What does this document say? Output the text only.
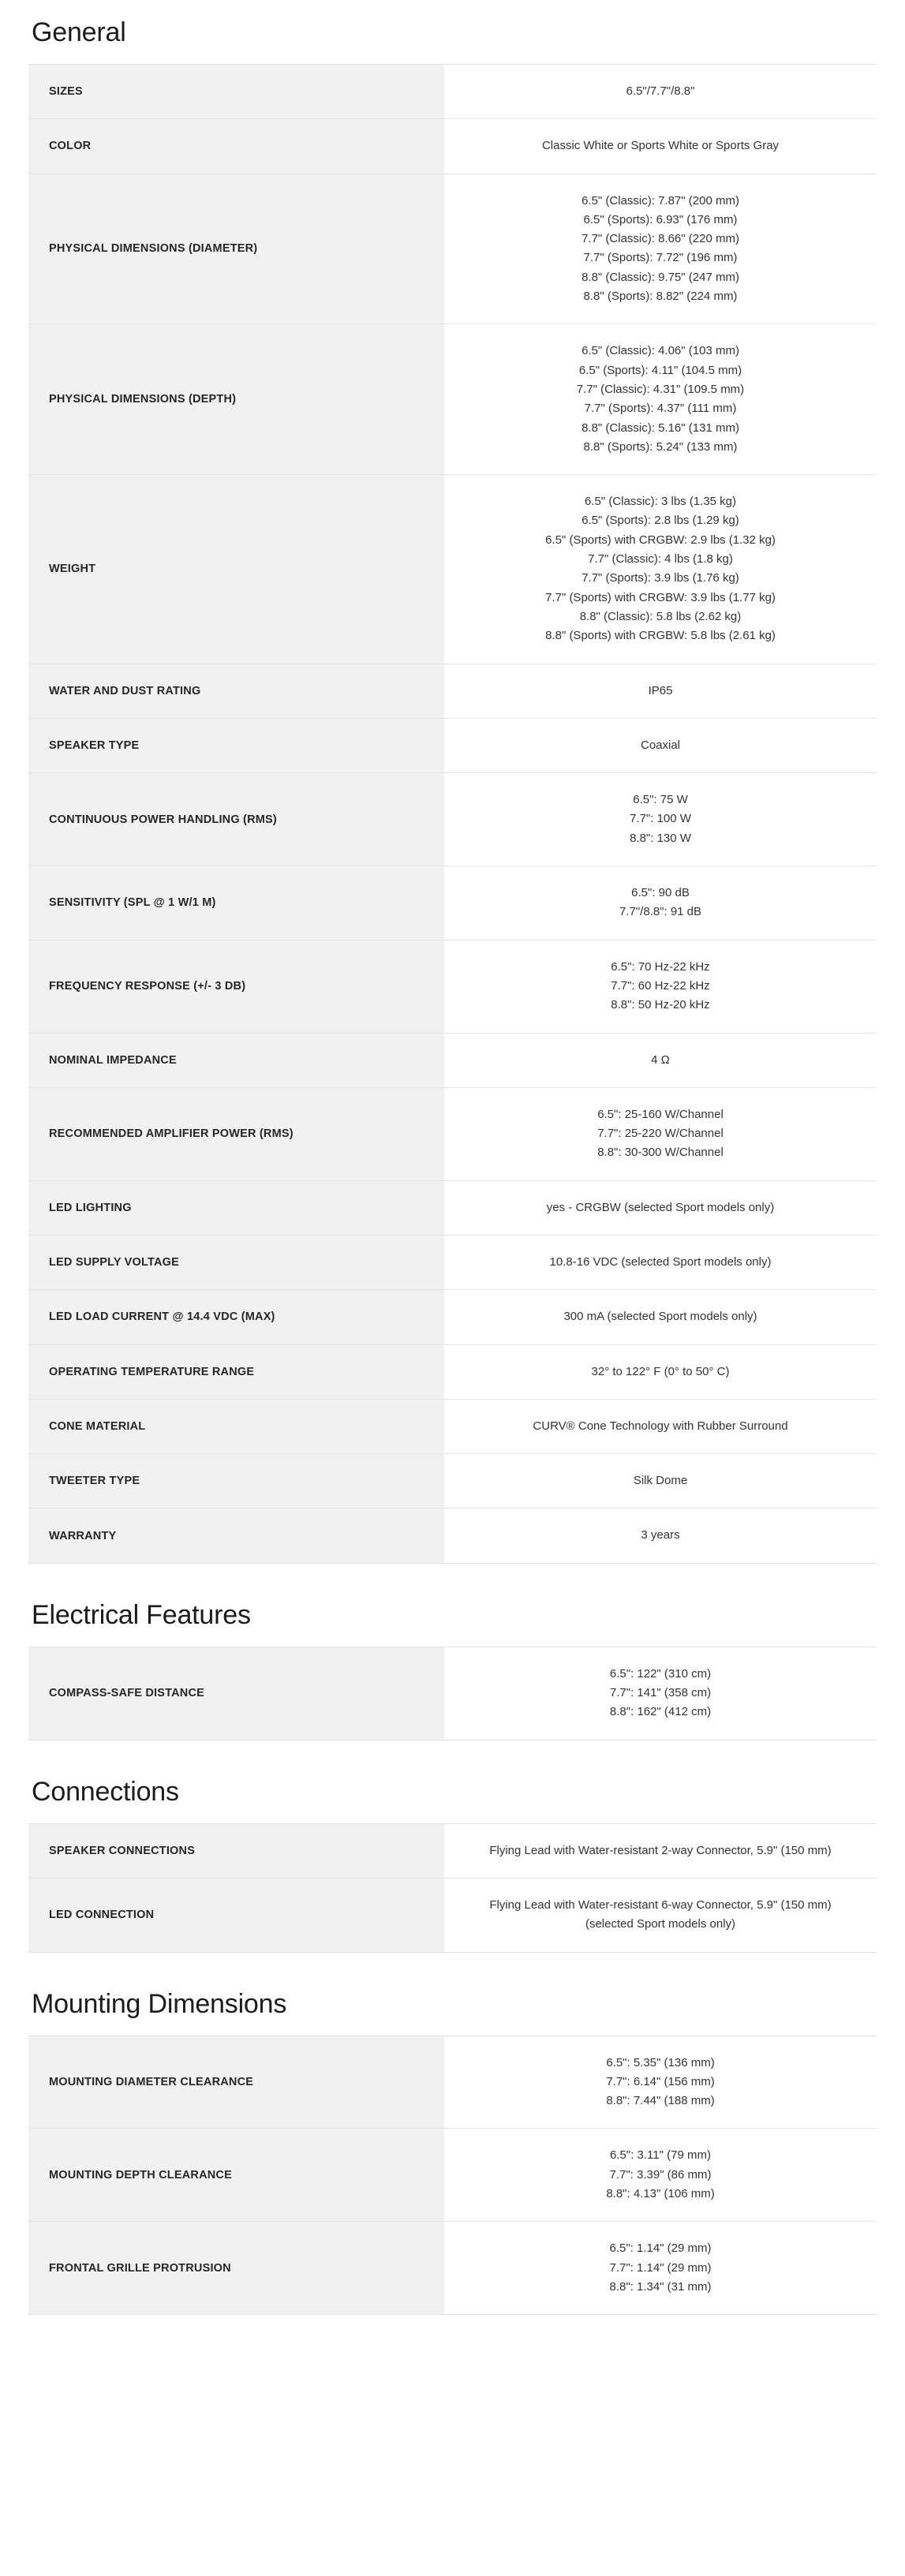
General
SIZES	6.5"/7.7"/8.8"

COLOR	Classic White or Sports White or Sports Gray

PHYSICAL DIMENSIONS (DIAMETER)	
6.5" (Classic): 7.87" (200 mm)
6.5" (Sports): 6.93" (176 mm)
7.7" (Classic): 8.66" (220 mm)
7.7" (Sports): 7.72" (196 mm)
8.8" (Classic): 9.75" (247 mm)
8.8" (Sports): 8.82" (224 mm)

PHYSICAL DIMENSIONS (DEPTH)	
6.5" (Classic): 4.06" (103 mm)
6.5" (Sports): 4.11" (104.5 mm)
7.7" (Classic): 4.31" (109.5 mm)
7.7" (Sports): 4.37" (111 mm)
8.8" (Classic): 5.16" (131 mm)
8.8" (Sports): 5.24" (133 mm)

WEIGHT	
6.5" (Classic): 3 lbs (1.35 kg)
6.5" (Sports): 2.8 lbs (1.29 kg)
6.5" (Sports) with CRGBW: 2.9 lbs (1.32 kg)
7.7" (Classic): 4 lbs (1.8 kg)
7.7" (Sports): 3.9 lbs (1.76 kg)
7.7" (Sports) with CRGBW: 3.9 lbs (1.77 kg)
8.8" (Classic): 5.8 lbs (2.62 kg)
8.8" (Sports) with CRGBW: 5.8 lbs (2.61 kg)

WATER AND DUST RATING	IP65

SPEAKER TYPE	Coaxial

CONTINUOUS POWER HANDLING (RMS)	6.5": 75 W
7.7": 100 W
8.8": 130 W

SENSITIVITY (SPL @ 1 W/1 M)	6.5": 90 dB
7.7"/8.8": 91 dB

FREQUENCY RESPONSE (+/- 3 DB)	6.5": 70 Hz-22 kHz
7.7": 60 Hz-22 kHz
8.8": 50 Hz-20 kHz

NOMINAL IMPEDANCE	4 Ω

RECOMMENDED AMPLIFIER POWER (RMS)	6.5": 25-160 W/Channel
7.7": 25-220 W/Channel
8.8": 30-300 W/Channel

LED LIGHTING	yes - CRGBW (selected Sport models only)

LED SUPPLY VOLTAGE	10.8-16 VDC (selected Sport models only)

LED LOAD CURRENT @ 14.4 VDC (MAX)	300 mA (selected Sport models only)

OPERATING TEMPERATURE RANGE	32° to 122° F (0° to 50° C)

CONE MATERIAL	CURV® Cone Technology with Rubber Surround

TWEETER TYPE	Silk Dome

WARRANTY	3 years
Electrical Features
COMPASS-SAFE DISTANCE	
6.5": 122" (310 cm)
7.7": 141" (358 cm)
8.8": 162" (412 cm)
Connections
SPEAKER CONNECTIONS	Flying Lead with Water-resistant 2-way Connector, 5.9" (150 mm)

LED CONNECTION	Flying Lead with Water-resistant 6-way Connector, 5.9" (150 mm) (selected Sport models only)
Mounting Dimensions
MOUNTING DIAMETER CLEARANCE	6.5": 5.35" (136 mm)
7.7": 6.14" (156 mm)
8.8": 7.44" (188 mm)

MOUNTING DEPTH CLEARANCE	6.5": 3.11" (79 mm)
7.7": 3.39" (86 mm)
8.8": 4.13" (106 mm)

FRONTAL GRILLE PROTRUSION	6.5": 1.14" (29 mm)
7.7": 1.14" (29 mm)
8.8": 1.34" (31 mm)
